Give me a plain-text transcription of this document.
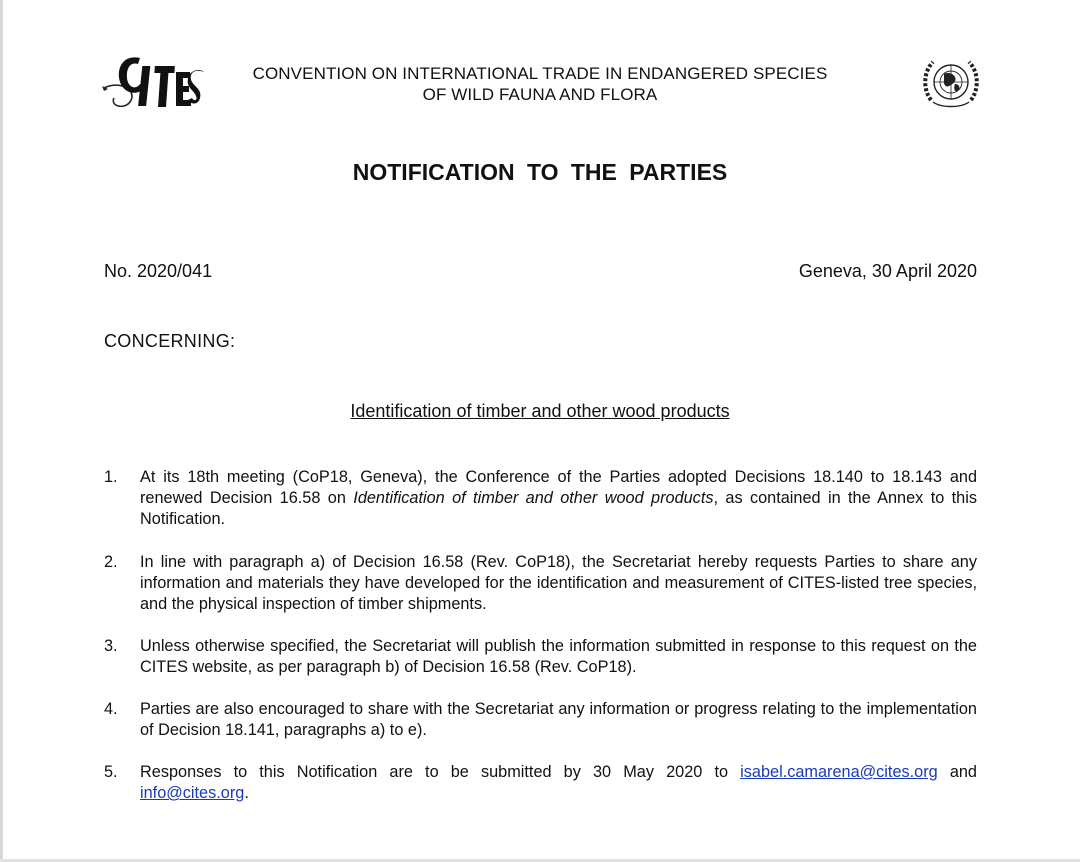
CONVENTION ON INTERNATIONAL TRADE IN ENDANGERED SPECIES
OF WILD FAUNA AND FLORA
NOTIFICATION TO THE PARTIES
No. 2020/041	Geneva, 30 April 2020
CONCERNING:
Identification of timber and other wood products
1. At its 18th meeting (CoP18, Geneva), the Conference of the Parties adopted Decisions 18.140 to 18.143 and renewed Decision 16.58 on Identification of timber and other wood products, as contained in the Annex to this Notification.
2. In line with paragraph a) of Decision 16.58 (Rev. CoP18), the Secretariat hereby requests Parties to share any information and materials they have developed for the identification and measurement of CITES-listed tree species, and the physical inspection of timber shipments.
3. Unless otherwise specified, the Secretariat will publish the information submitted in response to this request on the CITES website, as per paragraph b) of Decision 16.58 (Rev. CoP18).
4. Parties are also encouraged to share with the Secretariat any information or progress relating to the implementation of Decision 18.141, paragraphs a) to e).
5. Responses to this Notification are to be submitted by 30 May 2020 to isabel.camarena@cites.org and info@cites.org.
